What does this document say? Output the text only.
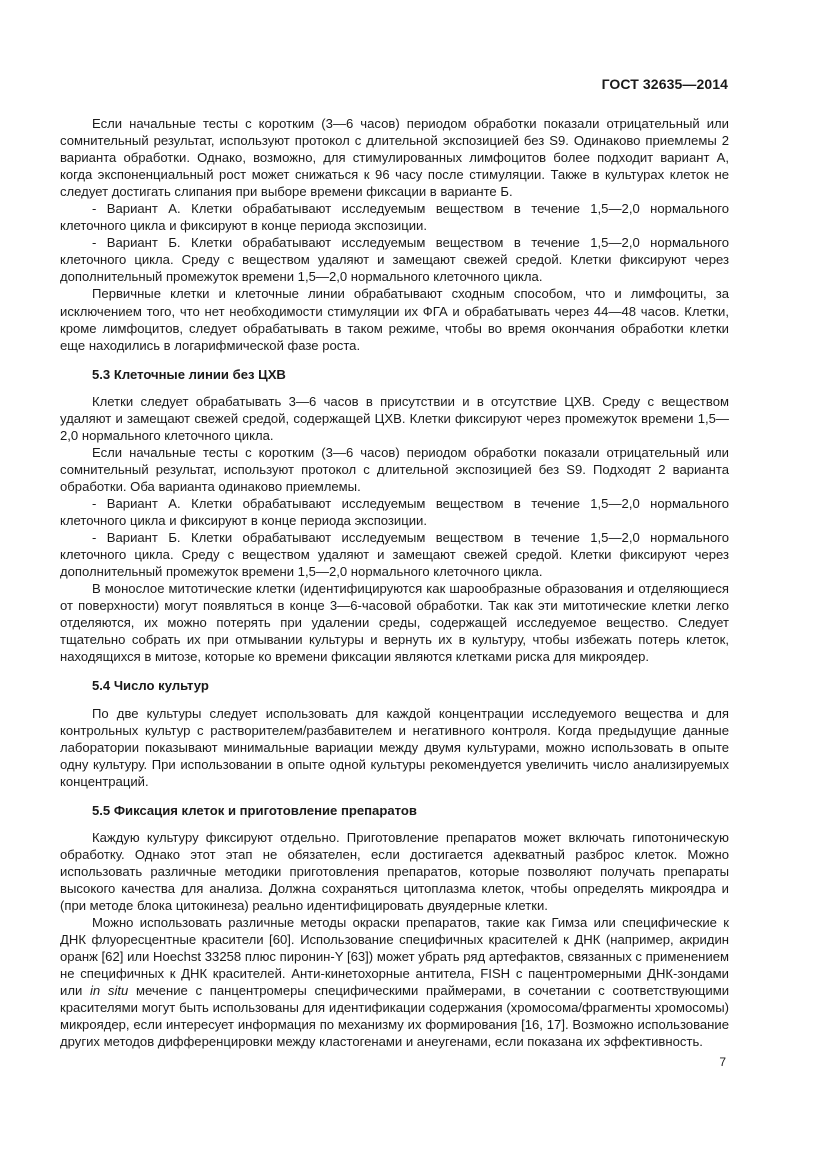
ГОСТ 32635—2014

Если начальные тесты с коротким (3—6 часов) периодом обработки показали отрицательный или сомнительный результат, используют протокол с длительной экспозицией без S9. Одинаково приемлемы 2 варианта обработки. Однако, возможно, для стимулированных лимфоцитов более подходит вариант А, когда экспоненциальный рост может снижаться к 96 часу после стимуляции. Также в культурах клеток не следует достигать слипания при выборе времени фиксации в варианте Б.

- Вариант А. Клетки обрабатывают исследуемым веществом в течение 1,5—2,0 нормального клеточного цикла и фиксируют в конце периода экспозиции.

- Вариант Б. Клетки обрабатывают исследуемым веществом в течение 1,5—2,0 нормального клеточного цикла. Среду с веществом удаляют и замещают свежей средой. Клетки фиксируют через дополнительный промежуток времени 1,5—2,0 нормального клеточного цикла.

Первичные клетки и клеточные линии обрабатывают сходным способом, что и лимфоциты, за исключением того, что нет необходимости стимуляции их ФГА и обрабатывать через 44—48 часов. Клетки, кроме лимфоцитов, следует обрабатывать в таком режиме, чтобы во время окончания обработки клетки еще находились в логарифмической фазе роста.

5.3 Клеточные линии без ЦХВ

Клетки следует обрабатывать 3—6 часов в присутствии и в отсутствие ЦХВ. Среду с веществом удаляют и замещают свежей средой, содержащей ЦХВ. Клетки фиксируют через промежуток времени 1,5—2,0 нормального клеточного цикла.

Если начальные тесты с коротким (3—6 часов) периодом обработки показали отрицательный или сомнительный результат, используют протокол с длительной экспозицией без S9. Подходят 2 варианта обработки. Оба варианта одинаково приемлемы.

- Вариант А. Клетки обрабатывают исследуемым веществом в течение 1,5—2,0 нормального клеточного цикла и фиксируют в конце периода экспозиции.

- Вариант Б. Клетки обрабатывают исследуемым веществом в течение 1,5—2,0 нормального клеточного цикла. Среду с веществом удаляют и замещают свежей средой. Клетки фиксируют через дополнительный промежуток времени 1,5—2,0 нормального клеточного цикла.

В монослое митотические клетки (идентифицируются как шарообразные образования и отделяющиеся от поверхности) могут появляться в конце 3—6-часовой обработки. Так как эти митотические клетки легко отделяются, их можно потерять при удалении среды, содержащей исследуемое вещество. Следует тщательно собрать их при отмывании культуры и вернуть их в культуру, чтобы избежать потерь клеток, находящихся в митозе, которые ко времени фиксации являются клетками риска для микроядер.

5.4 Число культур

По две культуры следует использовать для каждой концентрации исследуемого вещества и для контрольных культур с растворителем/разбавителем и негативного контроля. Когда предыдущие данные лаборатории показывают минимальные вариации между двумя культурами, можно использовать в опыте одну культуру. При использовании в опыте одной культуры рекомендуется увеличить число анализируемых концентраций.

5.5 Фиксация клеток и приготовление препаратов

Каждую культуру фиксируют отдельно. Приготовление препаратов может включать гипотоническую обработку. Однако этот этап не обязателен, если достигается адекватный разброс клеток. Можно использовать различные методики приготовления препаратов, которые позволяют получать препараты высокого качества для анализа. Должна сохраняться цитоплазма клеток, чтобы определять микроядра и (при методе блока цитокинеза) реально идентифицировать двуядерные клетки.

Можно использовать различные методы окраски препаратов, такие как Гимза или специфические к ДНК флуоресцентные красители [60]. Использование специфичных красителей к ДНК (например, акридин оранж [62] или Hoechst 33258 плюс пиронин-Y [63]) может убрать ряд артефактов, связанных с применением не специфичных к ДНК красителей. Анти-кинетохорные антитела, FISH с пацентромерными ДНК-зондами или in situ мечение с панцентромеры специфическими праймерами, в сочетании с соответствующими красителями могут быть использованы для идентификации содержания (хромосома/фрагменты хромосомы) микроядер, если интересует информация по механизму их формирования [16, 17]. Возможно использование других методов дифференцировки между кластогенами и анеугенами, если показана их эффективность.

7
